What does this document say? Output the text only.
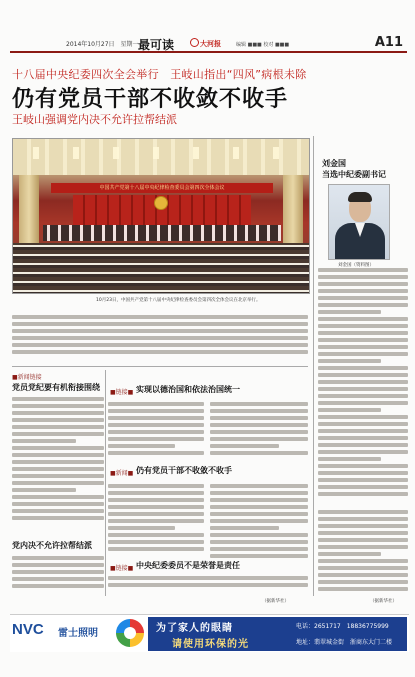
2014年10月27日　星期一 最可读	大河报	编辑 ■■■ 校对 ■■■	A11
十八届中央纪委四次全会举行　王岐山指出“四风”病根未除
仍有党员干部不收敛不收手
王岐山强调党内决不允许拉帮结派
中国共产党第十八届中央纪律检查委员会第四次全体会议
10月23日，中国共产党第十八届中央纪律检查委员会第四次全体会议在北京举行。
刘金国
当选中纪委副书记
刘金国（资料图）
（据新华社）
■新闻链接
党员党纪要有机衔接围绕
党内决不允许拉帮结派
■链接■ 实现以德治国和依法治国统一
■新闻■ 仍有党员干部不收敛不收手
■链接■ 中央纪委委员不是荣誉是责任
（据新华社）
NVC 雷士照明	为了家人的眼睛
请使用环保的光
电话：2651717　18836775999
地址：翡翠城金街　浙商东大门二楼
